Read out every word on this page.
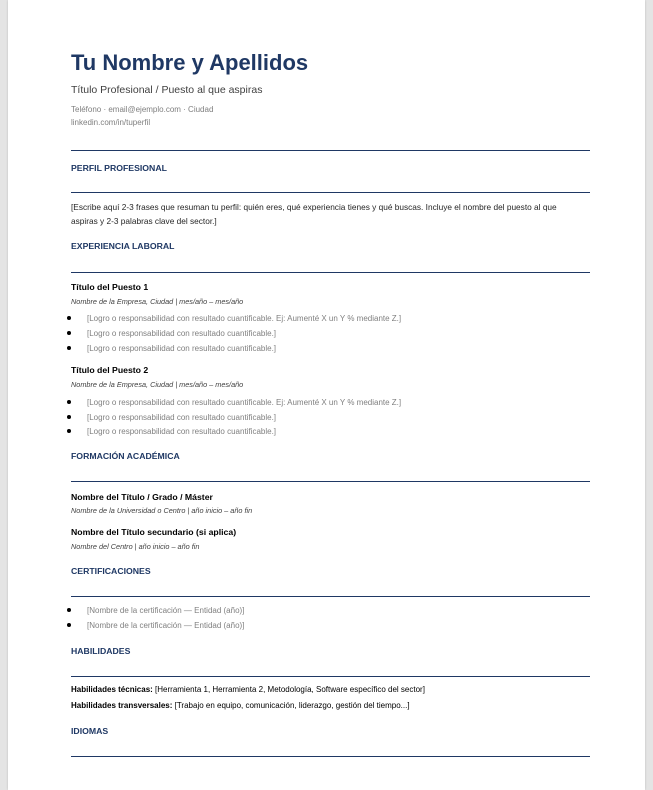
Tu Nombre y Apellidos
Título Profesional / Puesto al que aspiras
Teléfono · email@ejemplo.com · Ciudad
linkedin.com/in/tuperfil
PERFIL PROFESIONAL
[Escribe aquí 2-3 frases que resuman tu perfil: quién eres, qué experiencia tienes y qué buscas. Incluye el nombre del puesto al que aspiras y 2-3 palabras clave del sector.]
EXPERIENCIA LABORAL
Título del Puesto 1
Nombre de la Empresa, Ciudad | mes/año – mes/año
[Logro o responsabilidad con resultado cuantificable. Ej: Aumenté X un Y % mediante Z.]
[Logro o responsabilidad con resultado cuantificable.]
[Logro o responsabilidad con resultado cuantificable.]
Título del Puesto 2
Nombre de la Empresa, Ciudad | mes/año – mes/año
[Logro o responsabilidad con resultado cuantificable. Ej: Aumenté X un Y % mediante Z.]
[Logro o responsabilidad con resultado cuantificable.]
[Logro o responsabilidad con resultado cuantificable.]
FORMACIÓN ACADÉMICA
Nombre del Título / Grado / Máster
Nombre de la Universidad o Centro | año inicio – año fin
Nombre del Título secundario (si aplica)
Nombre del Centro | año inicio – año fin
CERTIFICACIONES
[Nombre de la certificación — Entidad (año)]
[Nombre de la certificación — Entidad (año)]
HABILIDADES
Habilidades técnicas: [Herramienta 1, Herramienta 2, Metodología, Software específico del sector]
Habilidades transversales: [Trabajo en equipo, comunicación, liderazgo, gestión del tiempo...]
IDIOMAS
